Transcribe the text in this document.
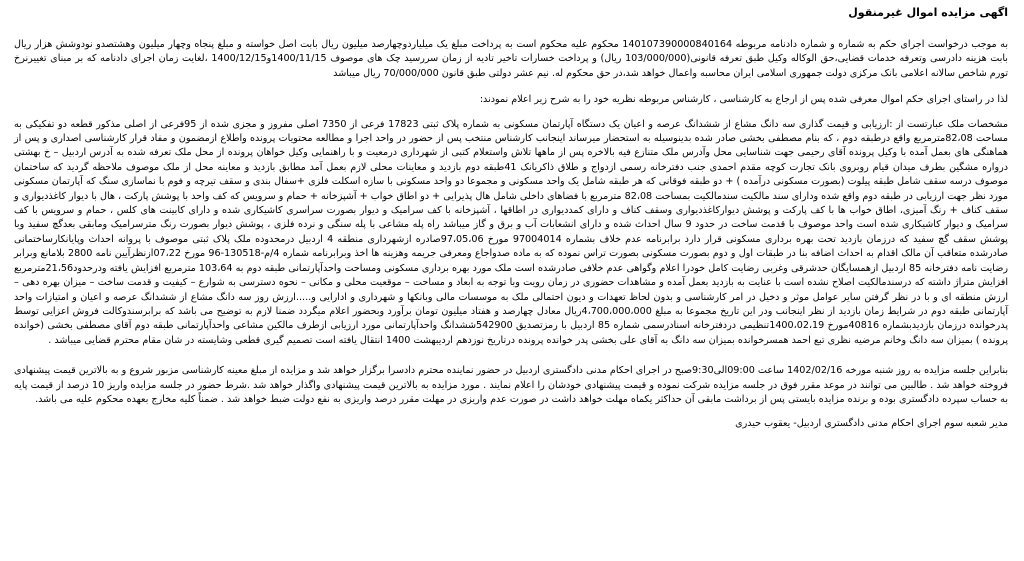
اگهی مزایده اموال غیرمنقول

به موجب درخواست اجرای حکم به شماره و شماره دادنامه مربوطه 140107390000840164 محکوم علیه محکوم است به پرداخت مبلغ یک میلیاردوچهارصد میلیون ریال بابت اصل خواسته و مبلغ پنجاه وچهار میلیون وهشتصدو نودوشش هزار ریال بابت هزینه دادرسی وتعرفه خدمات قضایی،حق الوکاله وکیل طبق تعرفه قانونی(103/000/000 ریال) و پرداخت خسارات تاخیر تادیه از زمان سررسید چک های موصوف 1400/11/15و1400/12/15 ،لغایت زمان اجرای دادنامه که بر مبنای تغییرنرخ تورم شاخص سالانه اعلامی بانک مرکزی دولت جمهوری اسلامی ایران محاسبه واعمال خواهد شد،در حق محکوم له. نیم عشر دولتی طبق قانون 70/000/000 ریال میباشد

لذا در راستای اجرای حکم اموال معرفی شده پس از ارجاع به کارشناسی ، کارشناس مربوطه نظریه خود را به شرح زیر اعلام نمودند:

مشخصات ملک عبارتست از :ارزیابی و قیمت گذاری سه دانگ مشاع از ششدانگ عرصه و اعیان یک دستگاه آپارتمان مسکونی به شماره پلاک ثبتی 17823 فرعی از 7350 اصلی مفروز و مجزی شده از 95فرعی از اصلی مذکور قطعه دو تفکیکی به مساحت 82،08مترمربع واقع درطبقه دوم ، که بنام مصطفی بخشی صادر شده بدینوسیله به استحضار میرساند اینجانب کارشناس منتخب پس از حضور در واحد اجرا و مطالعه محتویات پرونده واطلاع ازمضمون و مفاد قرار کارشناسی اصداری و پس از هماهنگی های بعمل آمده با وکیل پرونده آقای رحیمی جهت شناسایی محل وآدرس ملک متنازع فیه بالاخره پس از ماهها تلاش واستعلام کتبی از شهرداری درمعیت و با راهنمایی وکیل خواهان پرونده از محل ملک تعرفه شده به آدرس اردبیل – خ بهشتی درواره مشگین بطرف میدان قیام روبروی بانک تجارت کوچه مقدم احمدی جنب دفترخانه رسمی ازدواج و طلاق ذاکریانک 41طبقه دوم بازدید و معاینات محلی لازم بعمل آمد مطابق بازدید و معاینه محل از ملک موصوف ملاحظه گردید که ساختمان موصوف درسه سقف شامل طبقه پیلوت (بصورت مسکونی درآمده ) + دو طبقه فوقانی که هر طبقه شامل یک واحد مسکونی و مجموعا دو واحد مسکونی با سازه اسکلت فلزی +سفال بندی و سقف تیرچه و فوم با نماسازی سنگ که آپارتمان مسکونی مورد نظر جهت ارزیابی در طبقه دوم واقع شده ودارای سند مالکیت سندمالکیت بمساحت 82،08 مترمربع با فضاهای داخلی شامل هال پذیرایی + دو اطاق خواب + آشپزخانه + حمام و سرویس که کف واحد با پوشش پارکت ، هال با دیوار کاغذدیواری و سقف کناف + رنگ آمیزی، اطاق خواب ها با کف پارکت و پوشش دیوارکاغذدیواری وسقف کناف و دارای کمددیواری در اطاقها ، آشپزخانه با کف سرامیک و دیوار بصورت سراسری کاشیکاری شده و دارای کابینت های کلس ، حمام و سرویس با کف سرامیک و دیوار کاشیکاری شده است واحد موصوف با قدمت ساخت در حدود 9 سال احداث شده و دارای انشعابات آب و برق و گاز میباشد راه پله مشاعی با پله سنگی و نرده فلزی ، پوشش دیوار بصورت رنگ مترسرامیک ومابقی بعدگچ سفید وبا پوشش سقف گچ سفید که درزمان بازدید تحت بهره برداری مسکونی قرار دارد برابرنامه عدم خلاف بشماره 97004014 مورخ 97،05،06صادره ازشهرداری منطقه 4 اردبیل درمحدوده ملک پلاک ثبتی موصوف با پروانه احداث وپایانکارساختمانی صادرشده متعاقب آن مالک اقدام به احداث اضافه بنا در طبقات اول و دوم بصورت مسکونی بصورت تراس نموده که به ماده صدواجاع ومعرفی جریمه وهزینه ها اخذ وبرابرنامه شماره 4/م-130518-96 مورخ 07،22ازنظرآیین نامه 2800 بلامانع وبرابر رضایت نامه دفترخانه 85 اردبیل ازهمسایگان حدشرقی وغربی رضایت کامل خودرا اعلام وگواهی عدم خلافی صادرشده است ملک مورد بهره برداری مسکونی ومساحت واحدآپارتمانی طبقه دوم به 103،64 مترمربع افزایش یافته ودرحدود21،56مترمربع افزایش متراژ داشته که درسندمالکیت اصلاح نشده است با عنایت به بازدید بعمل آمده و مشاهدات حضوری در زمان رویت وبا توجه به ابعاد و مساحت – موقعیت محلی و مکانی – نحوه دسترسی به شوارع – کیفیت و قدمت ساخت – میزان بهره دهی – ارزش منطقه ای و با در نظر گرفتن سایر عوامل موثر و دخیل در امر کارشناسی و بدون لحاظ تعهدات و دیون احتمالی ملک به موسسات مالی وبانکها و شهرداری و ادارایی و.....ارزش روز سه دانگ مشاع از ششدانگ عرصه و اعیان و امتیازات واحد آپارتمانی طبقه دوم در شرایط زمان بازدید از نظر اینجانب ودر این تاریخ مجموعا به مبلغ 4،700،000،000ریال معادل چهارصد و هفتاد میلیون تومان برآورد وبحضور اعلام میگردد ضمنا لازم به توضیح می باشد که برابرسندوکالت فروش اعزایی توسط پدرخوانده درزمان بازدیدبشماره 40816مورخ 1400،02،19تنظیمی دردفترخانه اسنادرسمی شماره 85 اردبیل با رمزتصدیق 542900ششدانگ واحدآپارتمانی مورد ارزیابی ازطرف مالکین مشاعی واحدآپارتمانی طبقه دوم آقای مصطفی بخشی (خوانده پرونده ) بمیزان سه دانگ وخانم مرضیه نظری تبع احمد همسرخوانده بمیزان سه دانگ به آقای علی بخشی پدر خوانده پرونده درتاریخ نوزدهم اردیبهشت 1400 انتقال یافته است تصمیم گیری قطعی وشایسته در شان مقام محترم قضایی میباشد .

بنابراین جلسه مزایده به روز شنبه مورخه 1402/02/16 ساعت 09:00الی9:30صبح در اجرای احکام مدنی دادگستری اردبیل در حضور نماینده محترم دادسرا برگزار خواهد شد و مزایده از مبلغ معینه کارشناسی مزبور شروع و به بالاترین قیمت پیشنهادی فروخته خواهد شد . طالبین می توانند در موعد مقرر فوق در جلسه مزایده شرکت نموده و قیمت پیشنهادی خودشان را اعلام نمایند . مورد مزایده به بالاترین قیمت پیشنهادی واگذار خواهد شد .شرط حضور در جلسه مزایده واریز 10 درصد از قیمت پایه به حساب سپرده دادگستری بوده و برنده مزایده بایستی پس از برداشت مابقی آن حداکثر یکماه مهلت خواهد داشت در صورت عدم واریزی در مهلت مقرر درصد واریزی به نفع دولت ضبط خواهد شد . ضمناً کلیه مخارج بعهده محکوم علیه می باشد.

مدیر شعبه سوم اجرای احکام مدنی دادگستری اردبیل- یعقوب حیدری
